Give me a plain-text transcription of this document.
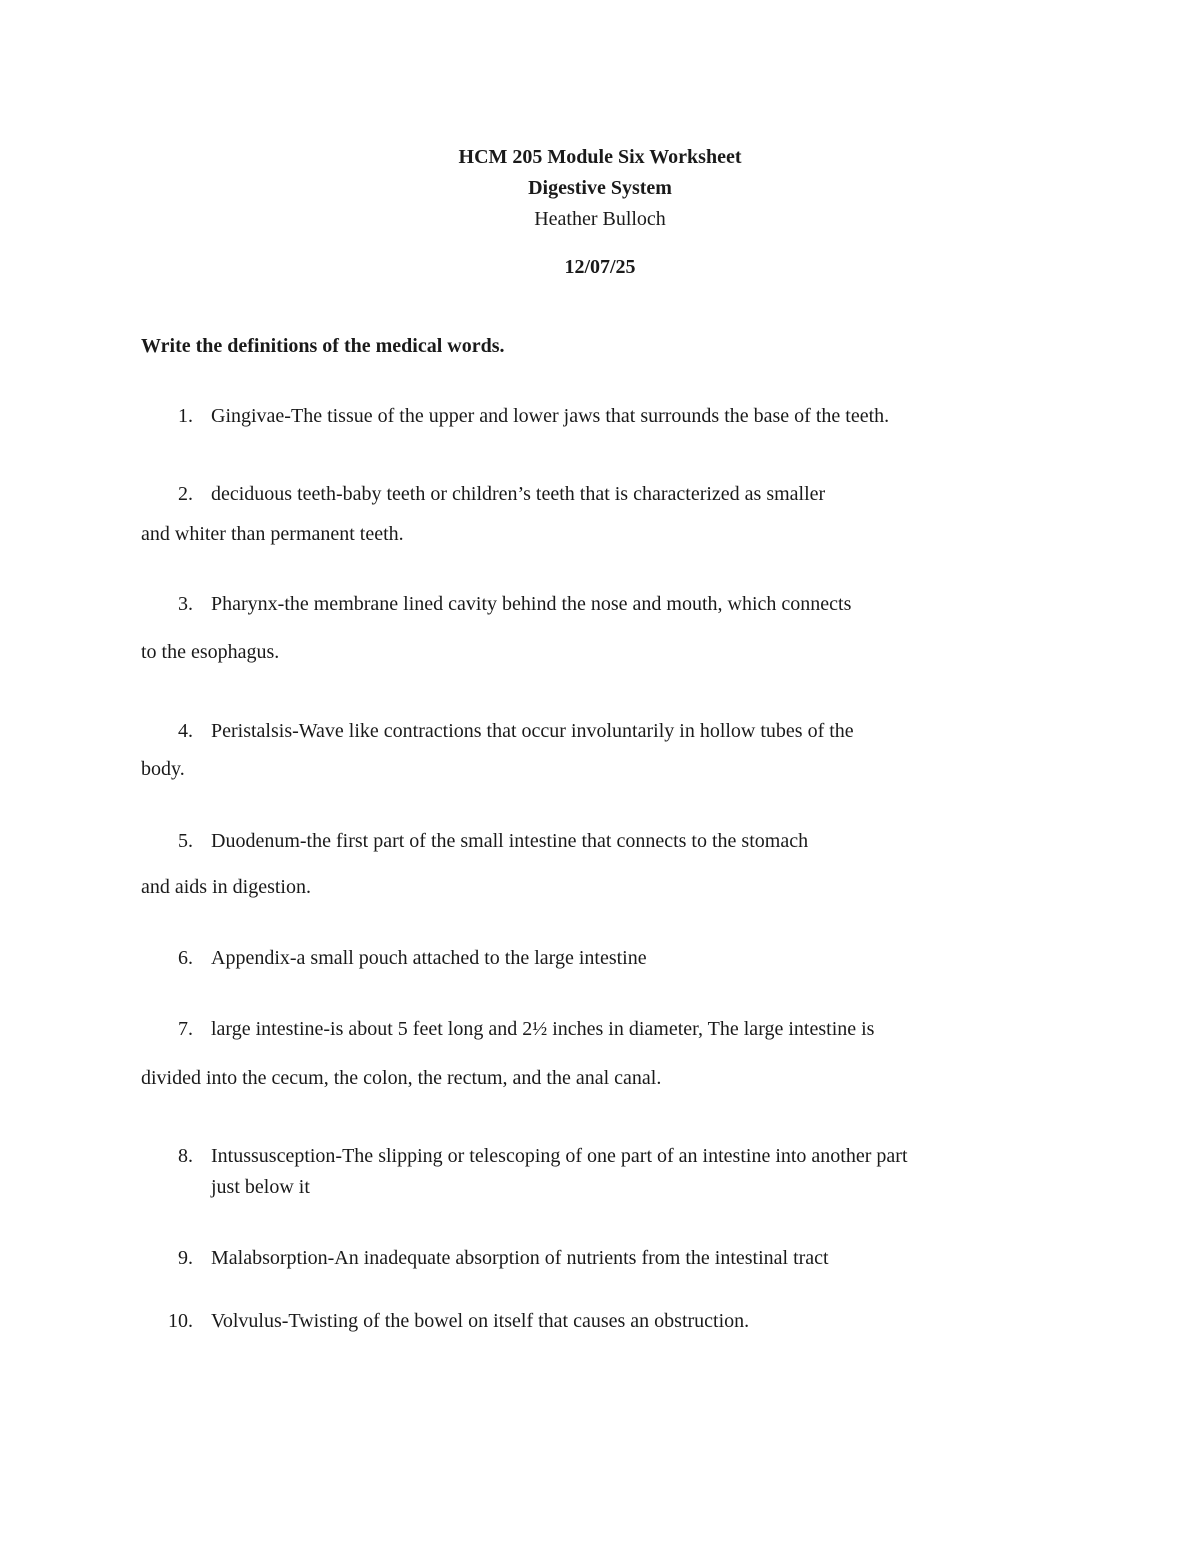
HCM 205 Module Six Worksheet
Digestive System
Heather Bulloch
12/07/25
Write the definitions of the medical words.
1. Gingivae-The tissue of the upper and lower jaws that surrounds the base of the teeth.
2. deciduous teeth-baby teeth or children’s teeth that is characterized as smaller
and whiter than permanent teeth.
3. Pharynx-the membrane lined cavity behind the nose and mouth, which connects
to the esophagus.
4. Peristalsis-Wave like contractions that occur involuntarily in hollow tubes of the
body.
5. Duodenum-the first part of the small intestine that connects to the stomach
and aids in digestion.
6. Appendix-a small pouch attached to the large intestine
7. large intestine-is about 5 feet long and 2½ inches in diameter, The large intestine is
divided into the cecum, the colon, the rectum, and the anal canal.
8. Intussusception-The slipping or telescoping of one part of an intestine into another part
just below it
9. Malabsorption-An inadequate absorption of nutrients from the intestinal tract
10. Volvulus-Twisting of the bowel on itself that causes an obstruction.
